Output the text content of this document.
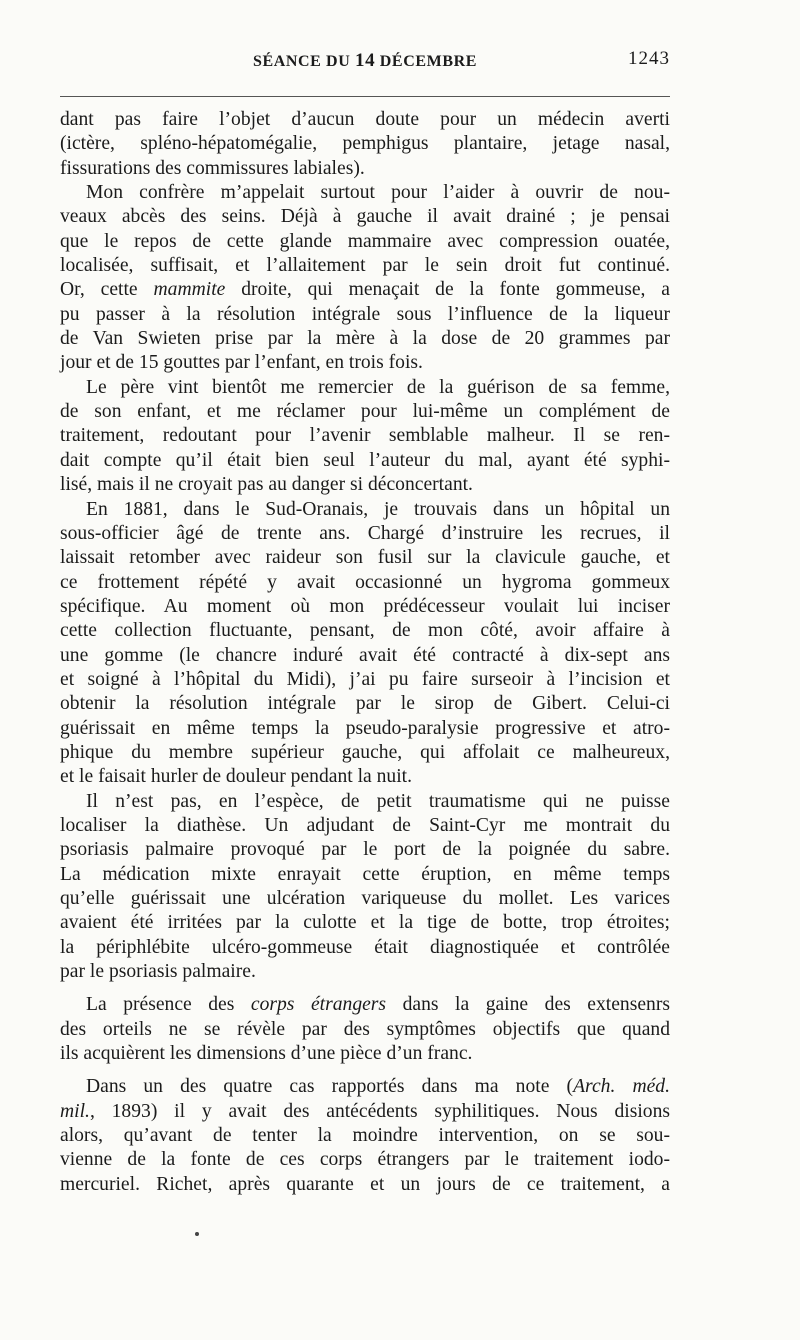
SÉANCE DU 14 DÉCEMBRE	1243

dant pas faire l’objet d’aucun doute pour un médecin averti
(ictère, spléno-hépatomégalie, pemphigus plantaire, jetage nasal,
fissurations des commissures labiales).

Mon confrère m’appelait surtout pour l’aider à ouvrir de nou-
veaux abcès des seins. Déjà à gauche il avait drainé ; je pensai
que le repos de cette glande mammaire avec compression ouatée,
localisée, suffisait, et l’allaitement par le sein droit fut continué.
Or, cette mammite droite, qui menaçait de la fonte gommeuse, a
pu passer à la résolution intégrale sous l’influence de la liqueur
de Van Swieten prise par la mère à la dose de 20 grammes par
jour et de 15 gouttes par l’enfant, en trois fois.

Le père vint bientôt me remercier de la guérison de sa femme,
de son enfant, et me réclamer pour lui-même un complément de
traitement, redoutant pour l’avenir semblable malheur. Il se ren-
dait compte qu’il était bien seul l’auteur du mal, ayant été syphi-
lisé, mais il ne croyait pas au danger si déconcertant.

En 1881, dans le Sud-Oranais, je trouvais dans un hôpital un
sous-officier âgé de trente ans. Chargé d’instruire les recrues, il
laissait retomber avec raideur son fusil sur la clavicule gauche, et
ce frottement répété y avait occasionné un hygroma gommeux
spécifique. Au moment où mon prédécesseur voulait lui inciser
cette collection fluctuante, pensant, de mon côté, avoir affaire à
une gomme (le chancre induré avait été contracté à dix-sept ans
et soigné à l’hôpital du Midi), j’ai pu faire surseoir à l’incision et
obtenir la résolution intégrale par le sirop de Gibert. Celui-ci
guérissait en même temps la pseudo-paralysie progressive et atro-
phique du membre supérieur gauche, qui affolait ce malheureux,
et le faisait hurler de douleur pendant la nuit.

Il n’est pas, en l’espèce, de petit traumatisme qui ne puisse
localiser la diathèse. Un adjudant de Saint-Cyr me montrait du
psoriasis palmaire provoqué par le port de la poignée du sabre.
La médication mixte enrayait cette éruption, en même temps
qu’elle guérissait une ulcération variqueuse du mollet. Les varices
avaient été irritées par la culotte et la tige de botte, trop étroites;
la périphlébite ulcéro-gommeuse était diagnostiquée et contrôlée
par le psoriasis palmaire.

La présence des corps étrangers dans la gaine des extensenrs
des orteils ne se révèle par des symptômes objectifs que quand
ils acquièrent les dimensions d’une pièce d’un franc.

Dans un des quatre cas rapportés dans ma note (Arch. méd.
mil., 1893) il y avait des antécédents syphilitiques. Nous disions
alors, qu’avant de tenter la moindre intervention, on se sou-
vienne de la fonte de ces corps étrangers par le traitement iodo-
mercuriel. Richet, après quarante et un jours de ce traitement, a
